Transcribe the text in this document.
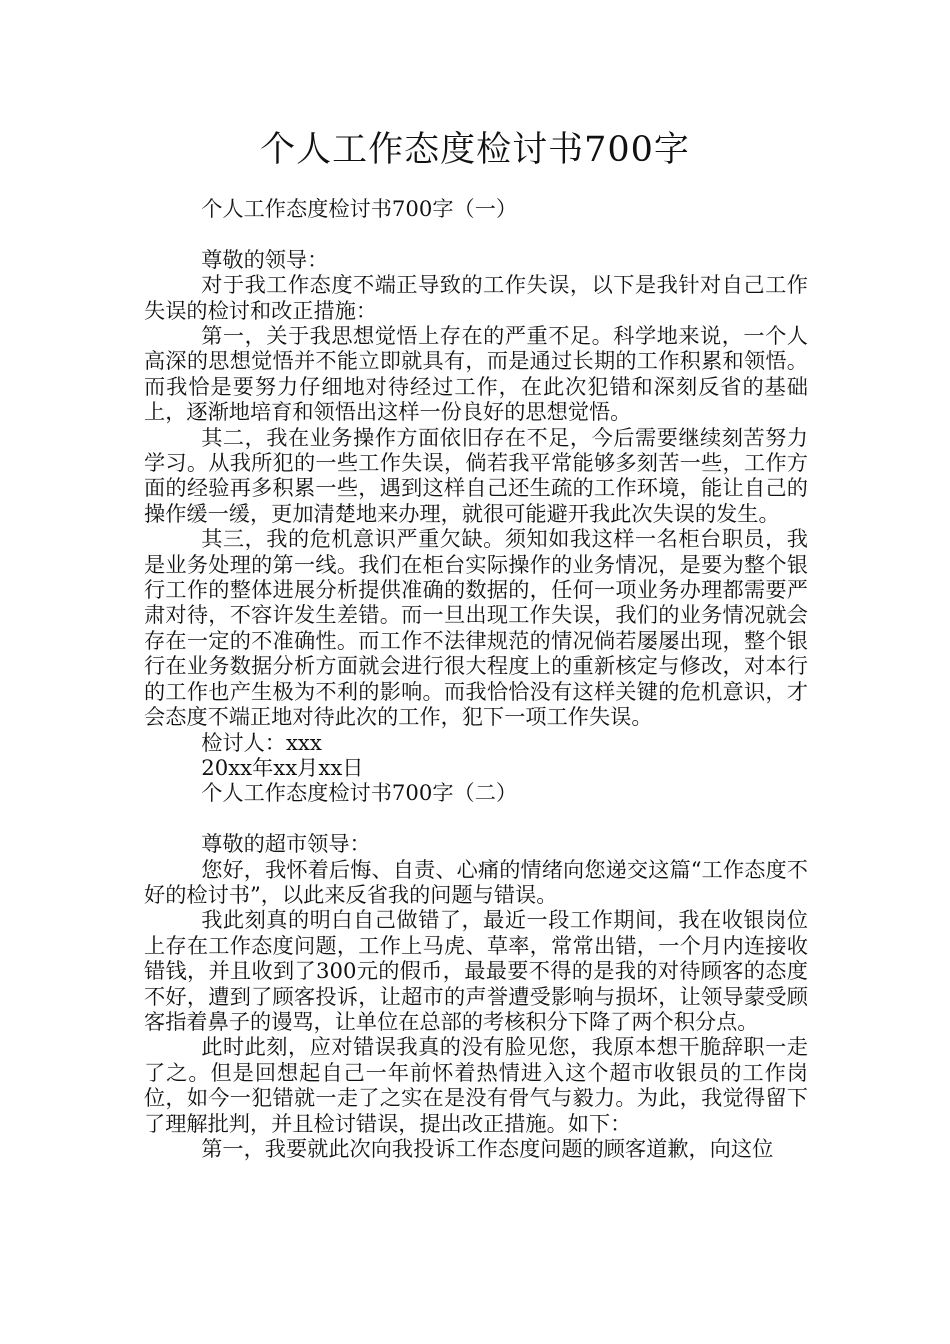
个人工作态度检讨书700字

个人工作态度检讨书700字（一）

尊敬的领导：

对于我工作态度不端正导致的工作失误，以下是我针对自己工作失误的检讨和改正措施：

第一，关于我思想觉悟上存在的严重不足。科学地来说，一个人高深的思想觉悟并不能立即就具有，而是通过长期的工作积累和领悟。而我恰是要努力仔细地对待经过工作，在此次犯错和深刻反省的基础上，逐渐地培育和领悟出这样一份良好的思想觉悟。

其二，我在业务操作方面依旧存在不足，今后需要继续刻苦努力学习。从我所犯的一些工作失误，倘若我平常能够多刻苦一些，工作方面的经验再多积累一些，遇到这样自己还生疏的工作环境，能让自己的操作缓一缓，更加清楚地来办理，就很可能避开我此次失误的发生。

其三，我的危机意识严重欠缺。须知如我这样一名柜台职员，我是业务处理的第一线。我们在柜台实际操作的业务情况，是要为整个银行工作的整体进展分析提供准确的数据的，任何一项业务办理都需要严肃对待，不容许发生差错。而一旦出现工作失误，我们的业务情况就会存在一定的不准确性。而工作不法律规范的情况倘若屡屡出现，整个银行在业务数据分析方面就会进行很大程度上的重新核定与修改，对本行的工作也产生极为不利的影响。而我恰恰没有这样关键的危机意识，才会态度不端正地对待此次的工作，犯下一项工作失误。

检讨人：xxx

20xx年xx月xx日

个人工作态度检讨书700字（二）

尊敬的超市领导：

您好，我怀着后悔、自责、心痛的情绪向您递交这篇“工作态度不好的检讨书”，以此来反省我的问题与错误。

我此刻真的明白自己做错了，最近一段工作期间，我在收银岗位上存在工作态度问题，工作上马虎、草率，常常出错，一个月内连接收错钱，并且收到了300元的假币，最最要不得的是我的对待顾客的态度不好，遭到了顾客投诉，让超市的声誉遭受影响与损坏，让领导蒙受顾客指着鼻子的谩骂，让单位在总部的考核积分下降了两个积分点。

此时此刻，应对错误我真的没有脸见您，我原本想干脆辞职一走了之。但是回想起自己一年前怀着热情进入这个超市收银员的工作岗位，如今一犯错就一走了之实在是没有骨气与毅力。为此，我觉得留下了理解批判，并且检讨错误，提出改正措施。如下：

第一，我要就此次向我投诉工作态度问题的顾客道歉，向这位
